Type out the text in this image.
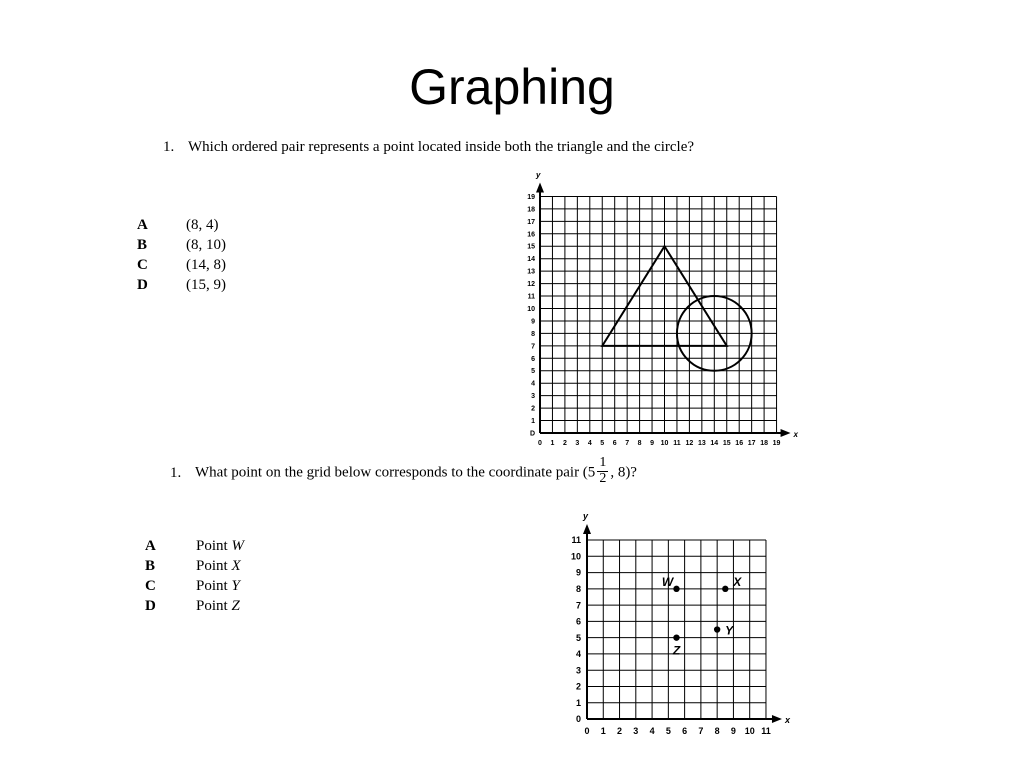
Graphing
1. Which ordered pair represents a point located inside both the triangle and the circle?
A	(8, 4)
B	(8, 10)
C	(14, 8)
D	(15, 9)
1. What point on the grid below corresponds to the coordinate pair ($5 \frac{1}{2}$ , 8)?
A	Point W
B	Point X
C	Point Y
D	Point Z
y
x
0 1 2 3 4 5 6 7 8 9 10 11 12 13 14 15 16 17 18 19
D
1
2
3
4
5
6
7
8
9
10
11
12
13
14
15
16
17
18
19
y
x
0 1 2 3 4 5 6 7 8 9 10 11
0
1
2
3
4
5
6
7
8
9
10
11
W	X
Y
Z
